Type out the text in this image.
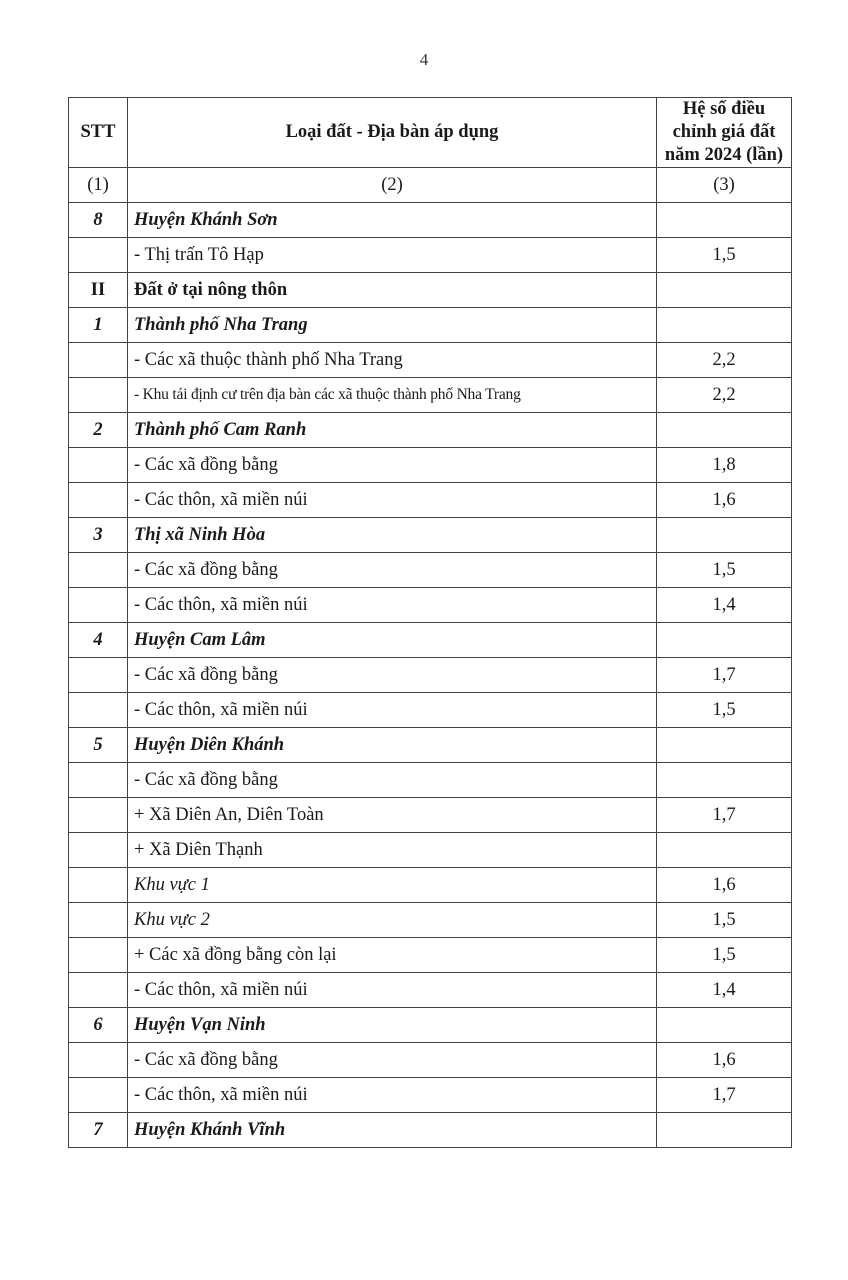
4
STT	Loại đất - Địa bàn áp dụng	Hệ số điều chỉnh giá đất năm 2024 (lần)
(1)	(2)	(3)
8	Huyện Khánh Sơn	
	- Thị trấn Tô Hạp	1,5
II	Đất ở tại nông thôn	
1	Thành phố Nha Trang	
	- Các xã thuộc thành phố Nha Trang	2,2
	- Khu tái định cư trên địa bàn các xã thuộc thành phố Nha Trang	2,2
2	Thành phố Cam Ranh	
	- Các xã đồng bằng	1,8
	- Các thôn, xã miền núi	1,6
3	Thị xã Ninh Hòa	
	- Các xã đồng bằng	1,5
	- Các thôn, xã miền núi	1,4
4	Huyện Cam Lâm	
	- Các xã đồng bằng	1,7
	- Các thôn, xã miền núi	1,5
5	Huyện Diên Khánh	
	- Các xã đồng bằng	
	+ Xã Diên An, Diên Toàn	1,7
	+ Xã Diên Thạnh	
	Khu vực 1	1,6
	Khu vực 2	1,5
	+ Các xã đồng bằng còn lại	1,5
	- Các thôn, xã miền núi	1,4
6	Huyện Vạn Ninh	
	- Các xã đồng bằng	1,6
	- Các thôn, xã miền núi	1,7
7	Huyện Khánh Vĩnh	
